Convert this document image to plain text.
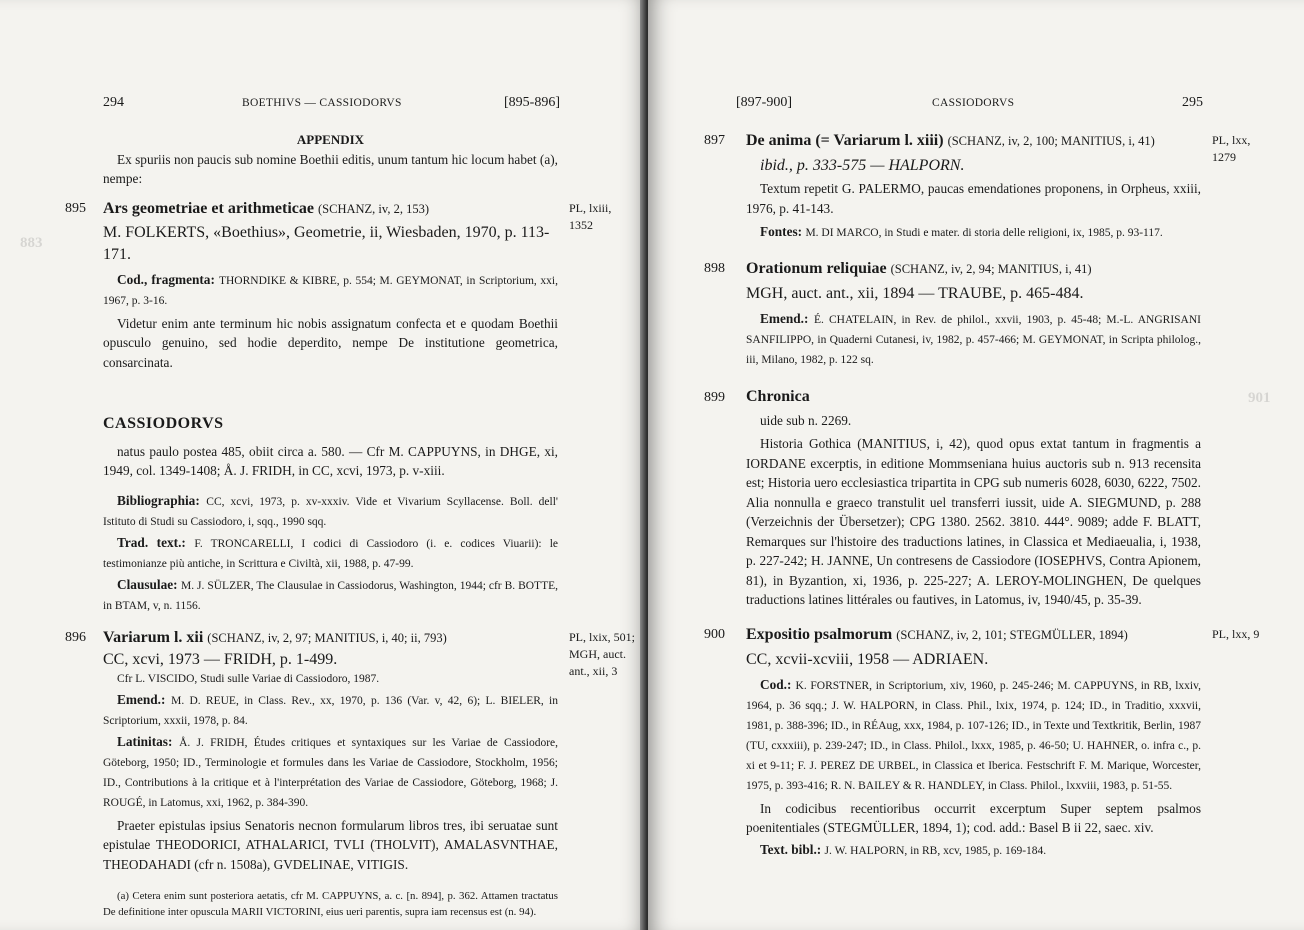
883
294	BOETHIVS — CASSIODORVS	[895-896]

APPENDIX

Ex spuriis non paucis sub nomine Boethii editis, unum tantum hic locum habet (a), nempe:

895	Ars geometriae et arithmeticae (SCHANZ, iv, 2, 153)

M. FOLKERTS, «Boethius», Geometrie, ii, Wiesbaden, 1970, p. 113-171.

Cod., fragmenta: THORNDIKE & KIBRE, p. 554; M. GEYMONAT, in Scriptorium, xxi, 1967, p. 3-16.

Videtur enim ante terminum hic nobis assignatum confecta et e quodam Boethii opusculo genuino, sed hodie deperdito, nempe De institutione geometrica, consarcinata.

PL, lxiii, 1352

CASSIODORVS

natus paulo postea 485, obiit circa a. 580. — Cfr M. CAPPUYNS, in DHGE, xi, 1949, col. 1349-1408; Å. J. FRIDH, in CC, xcvi, 1973, p. v-xiii.

Bibliographia: CC, xcvi, 1973, p. xv-xxxiv. Vide et Vivarium Scyllacense. Boll. dell' Istituto di Studi su Cassiodoro, i, sqq., 1990 sqq.

Trad. text.: F. TRONCARELLI, I codici di Cassiodoro (i. e. codices Viuarii): le testimonianze più antiche, in Scrittura e Civiltà, xii, 1988, p. 47-99.

Clausulae: M. J. SÜLZER, The Clausulae in Cassiodorus, Washington, 1944; cfr B. BOTTE, in BTAM, v, n. 1156.

896	Variarum l. xii (SCHANZ, iv, 2, 97; MANITIUS, i, 40; ii, 793)

CC, xcvi, 1973 — FRIDH, p. 1-499.

Cfr L. VISCIDO, Studi sulle Variae di Cassiodoro, 1987.

Emend.: M. D. REUE, in Class. Rev., xx, 1970, p. 136 (Var. v, 42, 6); L. BIELER, in Scriptorium, xxxii, 1978, p. 84.

Latinitas: Å. J. FRIDH, Études critiques et syntaxiques sur les Variae de Cassiodore, Göteborg, 1950; ID., Terminologie et formules dans les Variae de Cassiodore, Stockholm, 1956; ID., Contributions à la critique et à l'interprétation des Variae de Cassiodore, Göteborg, 1968; J. ROUGÉ, in Latomus, xxi, 1962, p. 384-390.

Praeter epistulas ipsius Senatoris necnon formularum libros tres, ibi seruatae sunt epistulae THEODORICI, ATHALARICI, TVLI (THOLVIT), AMALASVNTHAE, THEODAHADI (cfr n. 1508a), GVDELINAE, VITIGIS.

PL, lxix, 501; MGH, auct. ant., xii, 3

(a) Cetera enim sunt posteriora aetatis, cfr M. CAPPUYNS, a. c. [n. 894], p. 362. Attamen tractatus De definitione inter opuscula MARII VICTORINI, eius ueri parentis, supra iam recensus est (n. 94).

901
[897-900]	CASSIODORVS	295
897	De anima (= Variarum l. xiii) (SCHANZ, iv, 2, 100; MANITIUS, i, 41)

ibid., p. 333-575 — HALPORN.

Textum repetit G. PALERMO, paucas emendationes proponens, in Orpheus, xxiii, 1976, p. 41-143.

Fontes: M. DI MARCO, in Studi e mater. di storia delle religioni, ix, 1985, p. 93-117.

PL, lxx, 1279
898	Orationum reliquiae (SCHANZ, iv, 2, 94; MANITIUS, i, 41)

MGH, auct. ant., xii, 1894 — TRAUBE, p. 465-484.

Emend.: É. CHATELAIN, in Rev. de philol., xxvii, 1903, p. 45-48; M.-L. ANGRISANI SANFILIPPO, in Quaderni Cutanesi, iv, 1982, p. 457-466; M. GEYMONAT, in Scripta philolog., iii, Milano, 1982, p. 122 sq.

899	Chronica

uide sub n. 2269.

Historia Gothica (MANITIUS, i, 42), quod opus extat tantum in fragmentis a IORDANE excerptis, in editione Mommseniana huius auctoris sub n. 913 recensita est; Historia uero ecclesiastica tripartita in CPG sub numeris 6028, 6030, 6222, 7502. Alia nonnulla e graeco transtulit uel transferri iussit, uide A. SIEGMUND, p. 288 (Verzeichnis der Übersetzer); CPG 1380. 2562. 3810. 444°. 9089; adde F. BLATT, Remarques sur l'histoire des traductions latines, in Classica et Mediaeualia, i, 1938, p. 227-242; H. JANNE, Un contresens de Cassiodore (IOSEPHVS, Contra Apionem, 81), in Byzantion, xi, 1936, p. 225-227; A. LEROY-MOLINGHEN, De quelques traductions latines littérales ou fautives, in Latomus, iv, 1940/45, p. 35-39.

900	Expositio psalmorum (SCHANZ, iv, 2, 101; STEGMÜLLER, 1894)

CC, xcvii-xcviii, 1958 — ADRIAEN.

Cod.: K. FORSTNER, in Scriptorium, xiv, 1960, p. 245-246; M. CAPPUYNS, in RB, lxxiv, 1964, p. 36 sqq.; J. W. HALPORN, in Class. Phil., lxix, 1974, p. 124; ID., in Traditio, xxxvii, 1981, p. 388-396; ID., in RÉAug, xxx, 1984, p. 107-126; ID., in Texte und Textkritik, Berlin, 1987 (TU, cxxxiii), p. 239-247; ID., in Class. Philol., lxxx, 1985, p. 46-50; U. HAHNER, o. infra c., p. xi et 9-11; F. J. PEREZ DE URBEL, in Classica et Ibericа. Festschrift F. M. Marique, Worcester, 1975, p. 393-416; R. N. BAILEY & R. HANDLEY, in Class. Philol., lxxviii, 1983, p. 51-55.

In codicibus recentioribus occurrit excerptum Super septem psalmos poenitentiales (STEGMÜLLER, 1894, 1); cod. add.: Basel B ii 22, saec. xiv.

Text. bibl.: J. W. HALPORN, in RB, xcv, 1985, p. 169-184.

PL, lxx, 9
